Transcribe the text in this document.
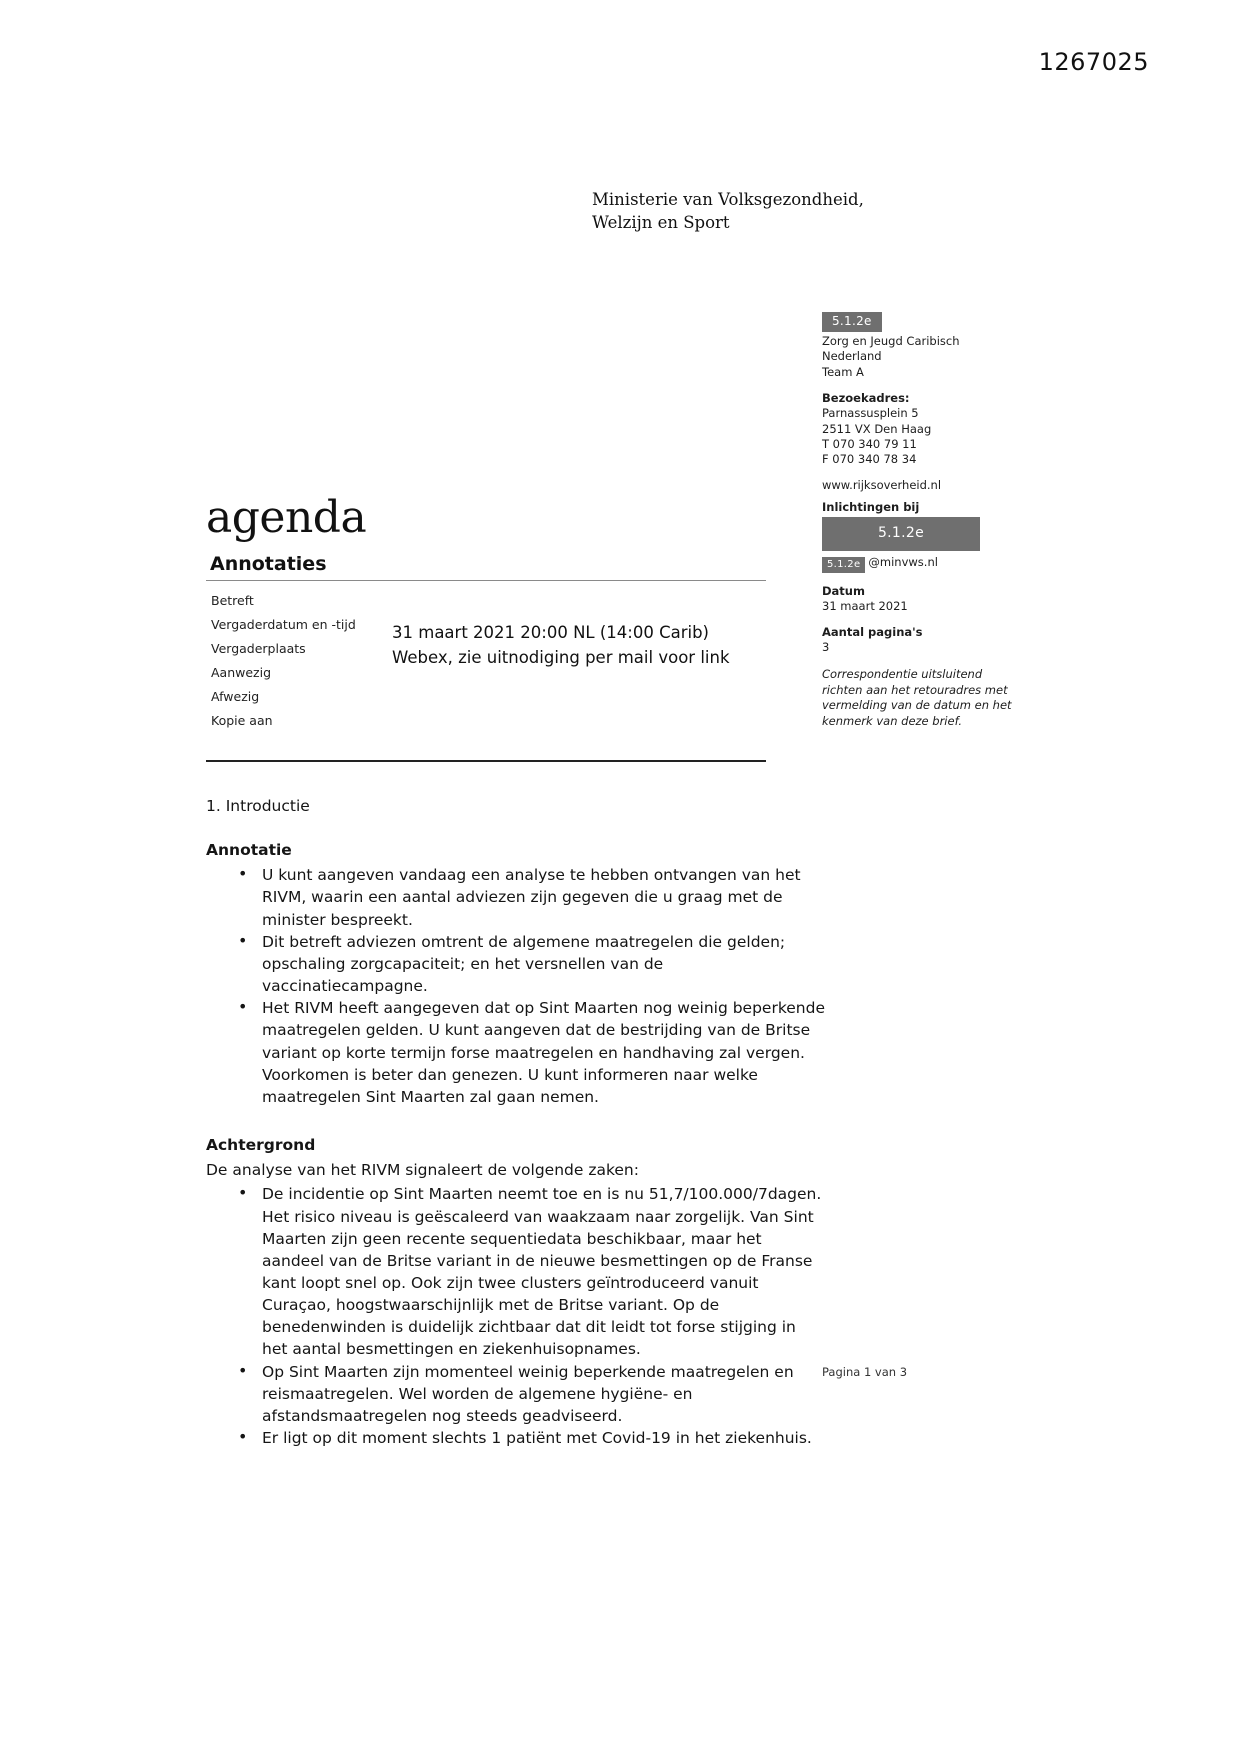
1267025
Ministerie van Volksgezondheid,
Welzijn en Sport
5.1.2e
Zorg en Jeugd Caribisch
Nederland
Team A
Bezoekadres:
Parnassusplein 5
2511 VX Den Haag
T 070 340 79 11
F 070 340 78 34
www.rijksoverheid.nl
Inlichtingen bij
5.1.2e
5.1.2e @minvws.nl
Datum
31 maart 2021
Aantal pagina's
3
Correspondentie uitsluitend richten aan het retouradres met vermelding van de datum en het kenmerk van deze brief.
agenda
Annotaties
Betreft
Vergaderdatum en -tijd
Vergaderplaats
Aanwezig
Afwezig
Kopie aan
31 maart 2021 20:00 NL (14:00 Carib)
Webex, zie uitnodiging per mail voor link
1. Introductie
Annotatie
• U kunt aangeven vandaag een analyse te hebben ontvangen van het RIVM, waarin een aantal adviezen zijn gegeven die u graag met de minister bespreekt.
• Dit betreft adviezen omtrent de algemene maatregelen die gelden; opschaling zorgcapaciteit; en het versnellen van de vaccinatiecampagne.
• Het RIVM heeft aangegeven dat op Sint Maarten nog weinig beperkende maatregelen gelden. U kunt aangeven dat de bestrijding van de Britse variant op korte termijn forse maatregelen en handhaving zal vergen. Voorkomen is beter dan genezen. U kunt informeren naar welke maatregelen Sint Maarten zal gaan nemen.
Achtergrond

De analyse van het RIVM signaleert de volgende zaken:

• De incidentie op Sint Maarten neemt toe en is nu 51,7/100.000/7dagen. Het risico niveau is geëscaleerd van waakzaam naar zorgelijk. Van Sint Maarten zijn geen recente sequentiedata beschikbaar, maar het aandeel van de Britse variant in de nieuwe besmettingen op de Franse kant loopt snel op. Ook zijn twee clusters geïntroduceerd vanuit Curaçao, hoogstwaarschijnlijk met de Britse variant. Op de benedenwinden is duidelijk zichtbaar dat dit leidt tot forse stijging in het aantal besmettingen en ziekenhuisopnames.
• Op Sint Maarten zijn momenteel weinig beperkende maatregelen en reismaatregelen. Wel worden de algemene hygiëne- en afstandsmaatregelen nog steeds geadviseerd.
• Er ligt op dit moment slechts 1 patiënt met Covid-19 in het ziekenhuis.
Pagina 1 van 3
